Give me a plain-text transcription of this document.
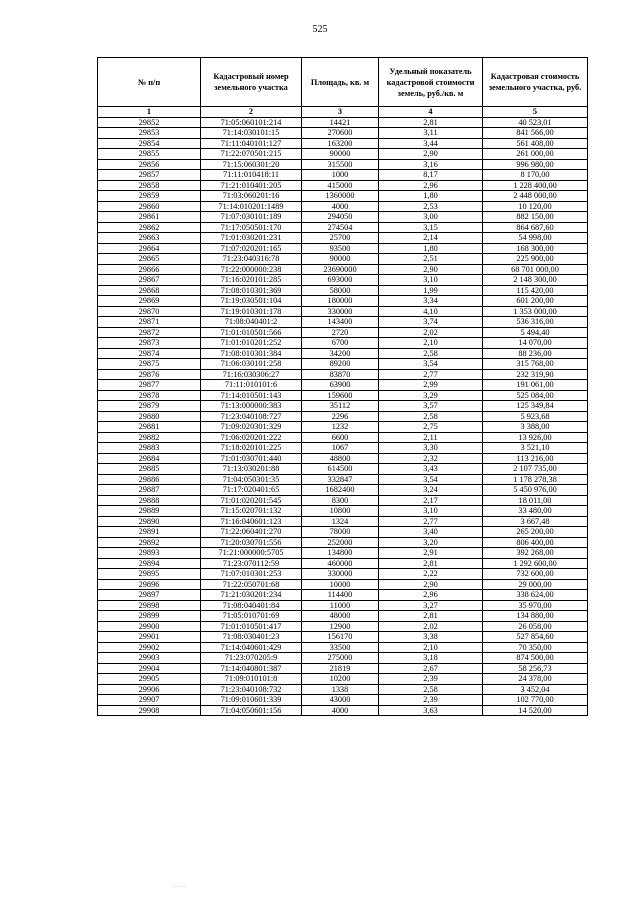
525
№ п/п	Кадастровый номер земельного участка	Площадь, кв. м	Удельный показатель кадастровой стоимости земель, руб./кв. м	Кадастровая стоимость земельного участка, руб.
1	2	3	4	5
29852	71:05:060101:214	14421	2,81	40 523,01
29853	71:14:030101:15	270600	3,11	841 566,00
29854	71:11:040101:127	163200	3,44	561 408,00
29855	71:22:070501:215	90000	2,90	261 000,00
29856	71:15:060301:20	315500	3,16	996 980,00
29857	71:11:010418:11	1000	8,17	8 170,00
29858	71:21:010401:205	415000	2,96	1 228 400,00
29859	71:03:060201:16	1360000	1,80	2 448 000,00
29860	71:14:010201:1489	4000	2,53	10 120,00
29861	71:07:030101:189	294050	3,00	882 150,00
29862	71:17:050501:170	274504	3,15	864 687,60
29863	71:01:030201:231	25700	2,14	54 998,00
29864	71:07:020201:165	93500	1,80	168 300,00
29865	71:23:040316:78	90000	2,51	225 900,00
29866	71:22:000000:238	23690000	2,90	68 701 000,00
29867	71:16:020101:285	693000	3,10	2 148 300,00
29868	71:08:010301:369	58000	1,99	115 420,00
29869	71:19:030501:104	180000	3,34	601 200,00
29870	71:19:010301:178	330000	4,10	1 353 000,00
29871	71:08:040401:2	143400	3,74	536 316,00
29872	71:01:010501:566	2720	2,02	5 494,40
29873	71:01:010201:252	6700	2,10	14 070,00
29874	71:08:010301:384	34200	2,58	88 236,00
29875	71:06:030101:258	89200	3,54	315 768,00
29876	71:16:030306:27	83870	2,77	232 319,90
29877	71:11:010101:6	63900	2,99	191 061,00
29878	71:14:010501:143	159600	3,29	525 084,00
29879	71:13:000000:383	35112	3,57	125 349,84
29880	71:23:040108:727	2296	2,58	5 923,68
29881	71:09:020301:329	1232	2,75	3 388,00
29882	71:06:020201:222	6600	2,11	13 926,00
29883	71:18:020101:225	1067	3,30	3 521,10
29884	71:01:030701:440	48800	2,32	113 216,00
29885	71:13:030201:88	614500	3,43	2 107 735,00
29886	71:04:050301:35	332847	3,54	1 178 278,38
29887	71:17:020401:65	1682400	3,24	5 450 976,00
29888	71:01:020201:545	8300	2,17	18 011,00
29889	71:15:020701:132	10800	3,10	33 480,00
29890	71:16:040601:123	1324	2,77	3 667,48
29891	71:22:060401:270	78000	3,40	265 200,00
29892	71:20:030701:556	252000	3,20	806 400,00
29893	71:21:000000:5705	134800	2,91	392 268,00
29894	71:23:070112:59	460000	2,81	1 292 600,00
29895	71:07:010301:253	330000	2,22	732 600,00
29896	71:22:050701:68	10000	2,90	29 000,00
29897	71:21:030201:234	114400	2,96	338 624,00
29898	71:08:040401:84	11000	3,27	35 970,00
29899	71:05:010701:69	48000	2,81	134 880,00
29900	71:01:010501:417	12900	2,02	26 058,00
29901	71:08:030401:23	156170	3,38	527 854,60
29902	71:14:040601:429	33500	2,10	70 350,00
29903	71:23:070205:9	275000	3,18	874 500,00
29904	71:14:040801:387	21819	2,67	58 256,73
29905	71:09:010101:8	10200	2,39	24 378,00
29906	71:23:040108:732	1338	2,58	3 452,04
29907	71:09:010601:339	43000	2,39	102 770,00
29908	71:04:050601:156	4000	3,63	14 520,00
·····
